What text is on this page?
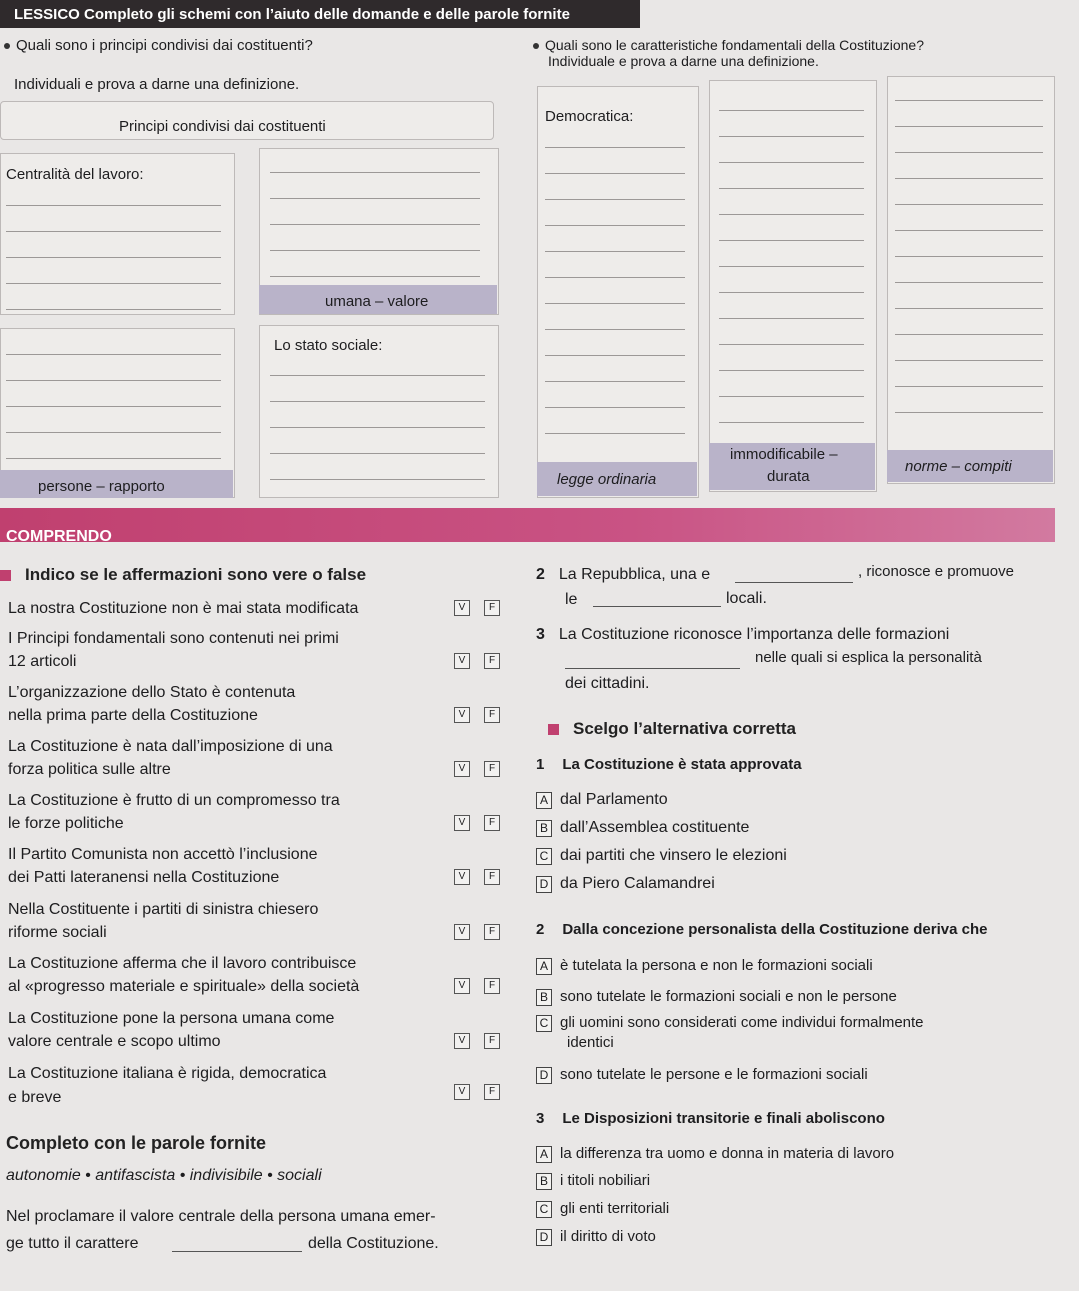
LESSICO Completo gli schemi con l’aiuto delle domande e delle parole fornite
Quali sono i principi condivisi dai costituenti?
Individuali e prova a darne una definizione.
Quali sono le caratteristiche fondamentali della Costituzione?
Individuale e prova a darne una definizione.
Principi condivisi dai costituenti
Centralità del lavoro:
umana – valore
persone – rapporto
Lo stato sociale:
Democratica:
legge ordinaria
immodificabile –
durata
norme – compiti
COMPRENDO
Indico se le affermazioni sono vere o false
La nostra Costituzione non è mai stata modificata	V	F
I Principi fondamentali sono contenuti nei primi
12 articoli	V	F
L’organizzazione dello Stato è contenuta
nella prima parte della Costituzione	V	F
La Costituzione è nata dall’imposizione di una
forza politica sulle altre	V	F
La Costituzione è frutto di un compromesso tra
le forze politiche	V	F
Il Partito Comunista non accettò l’inclusione
dei Patti lateranensi nella Costituzione	V	F
Nella Costituente i partiti di sinistra chiesero
riforme sociali	V	F
La Costituzione afferma che il lavoro contribuisce
al «progresso materiale e spirituale» della società	V	F
La Costituzione pone la persona umana come
valore centrale e scopo ultimo	V	F
La Costituzione italiana è rigida, democratica
e breve	V	F
Completo con le parole fornite
autonomie • antifascista • indivisibile • sociali
Nel proclamare il valore centrale della persona umana emer-
ge tutto il carattere	della Costituzione.
2 La Repubblica, una e	, riconosce e promuove
le	locali.
3 La Costituzione riconosce l’importanza delle formazioni
nelle quali si esplica la personalità
dei cittadini.
Scelgo l’alternativa corretta
1 La Costituzione è stata approvata
A dal Parlamento
B dall’Assemblea costituente
C dai partiti che vinsero le elezioni
D da Piero Calamandrei
2 Dalla concezione personalista della Costituzione deriva che
A è tutelata la persona e non le formazioni sociali
B sono tutelate le formazioni sociali e non le persone
C gli uomini sono considerati come individui formalmente
identici
D sono tutelate le persone e le formazioni sociali
3 Le Disposizioni transitorie e finali aboliscono
A la differenza tra uomo e donna in materia di lavoro
B i titoli nobiliari
C gli enti territoriali
D il diritto di voto
